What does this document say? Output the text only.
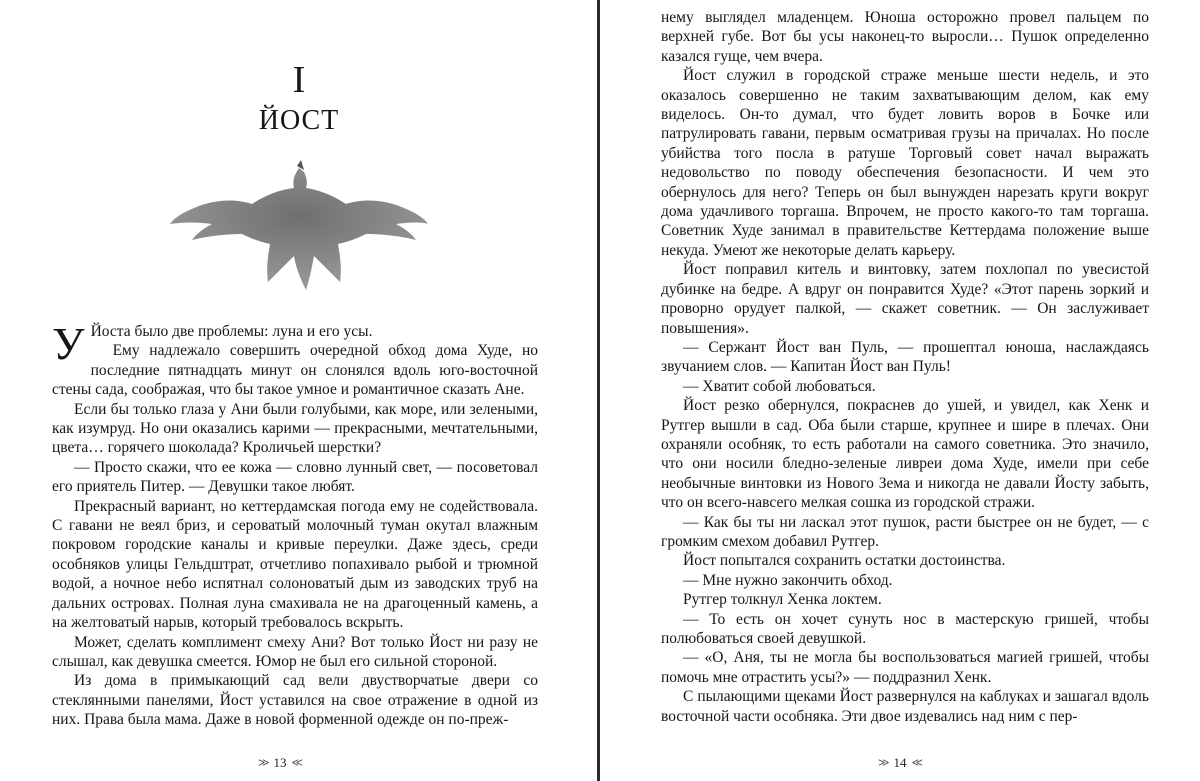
I
ЙОСТ

У Йоста было две проблемы: луна и его усы.

Ему надлежало совершить очередной обход дома Худе, но последние пятнадцать минут он слонялся вдоль юго-восточной стены сада, соображая, что бы такое умное и романтичное сказать Ане.

Если бы только глаза у Ани были голубыми, как море, или зелеными, как изумруд. Но они оказались карими — прекрасными, мечтательными, цвета… горячего шоколада? Кроличьей шерстки?

— Просто скажи, что ее кожа — словно лунный свет, — посоветовал его приятель Питер. — Девушки такое любят.

Прекрасный вариант, но кеттердамская погода ему не содействовала. С гавани не веял бриз, и сероватый молочный туман окутал влажным покровом городские каналы и кривые переулки. Даже здесь, среди особняков улицы Гельдштрат, отчетливо попахивало рыбой и трюмной водой, а ночное небо испятнал солоноватый дым из заводских труб на дальних островах. Полная луна смахивала не на драгоценный камень, а на желтоватый нарыв, который требовалось вскрыть.

Может, сделать комплимент смеху Ани? Вот только Йост ни разу не слышал, как девушка смеется. Юмор не был его сильной стороной.

Из дома в примыкающий сад вели двустворчатые двери со стеклянными панелями, Йост уставился на свое отражение в одной из них. Права была мама. Даже в новой форменной одежде он по-преж-

≫ 13 ≪

нему выглядел младенцем. Юноша осторожно провел пальцем по верхней губе. Вот бы усы наконец-то выросли… Пушок определенно казался гуще, чем вчера.

Йост служил в городской страже меньше шести недель, и это оказалось совершенно не таким захватывающим делом, как ему виделось. Он-то думал, что будет ловить воров в Бочке или патрулировать гавани, первым осматривая грузы на причалах. Но после убийства того посла в ратуше Торговый совет начал выражать недовольство по поводу обеспечения безопасности. И чем это обернулось для него? Теперь он был вынужден нарезать круги вокруг дома удачливого торгаша. Впрочем, не просто какого-то там торгаша. Советник Худе занимал в правительстве Кеттердама положение выше некуда. Умеют же некоторые делать карьеру.

Йост поправил китель и винтовку, затем похлопал по увесистой дубинке на бедре. А вдруг он понравится Худе? «Этот парень зоркий и проворно орудует палкой, — скажет советник. — Он заслуживает повышения».

— Сержант Йост ван Пуль, — прошептал юноша, наслаждаясь звучанием слов. — Капитан Йост ван Пуль!

— Хватит собой любоваться.

Йост резко обернулся, покраснев до ушей, и увидел, как Хенк и Рутгер вышли в сад. Оба были старше, крупнее и шире в плечах. Они охраняли особняк, то есть работали на самого советника. Это значило, что они носили бледно-зеленые ливреи дома Худе, имели при себе необычные винтовки из Нового Зема и никогда не давали Йосту забыть, что он всего-навсего мелкая сошка из городской стражи.

— Как бы ты ни ласкал этот пушок, расти быстрее он не будет, — с громким смехом добавил Рутгер.

Йост попытался сохранить остатки достоинства.

— Мне нужно закончить обход.

Рутгер толкнул Хенка локтем.

— То есть он хочет сунуть нос в мастерскую гришей, чтобы полюбоваться своей девушкой.

— «О, Аня, ты не могла бы воспользоваться магией гришей, чтобы помочь мне отрастить усы?» — поддразнил Хенк.

С пылающими щеками Йост развернулся на каблуках и зашагал вдоль восточной части особняка. Эти двое издевались над ним с пер-

≫ 14 ≪
